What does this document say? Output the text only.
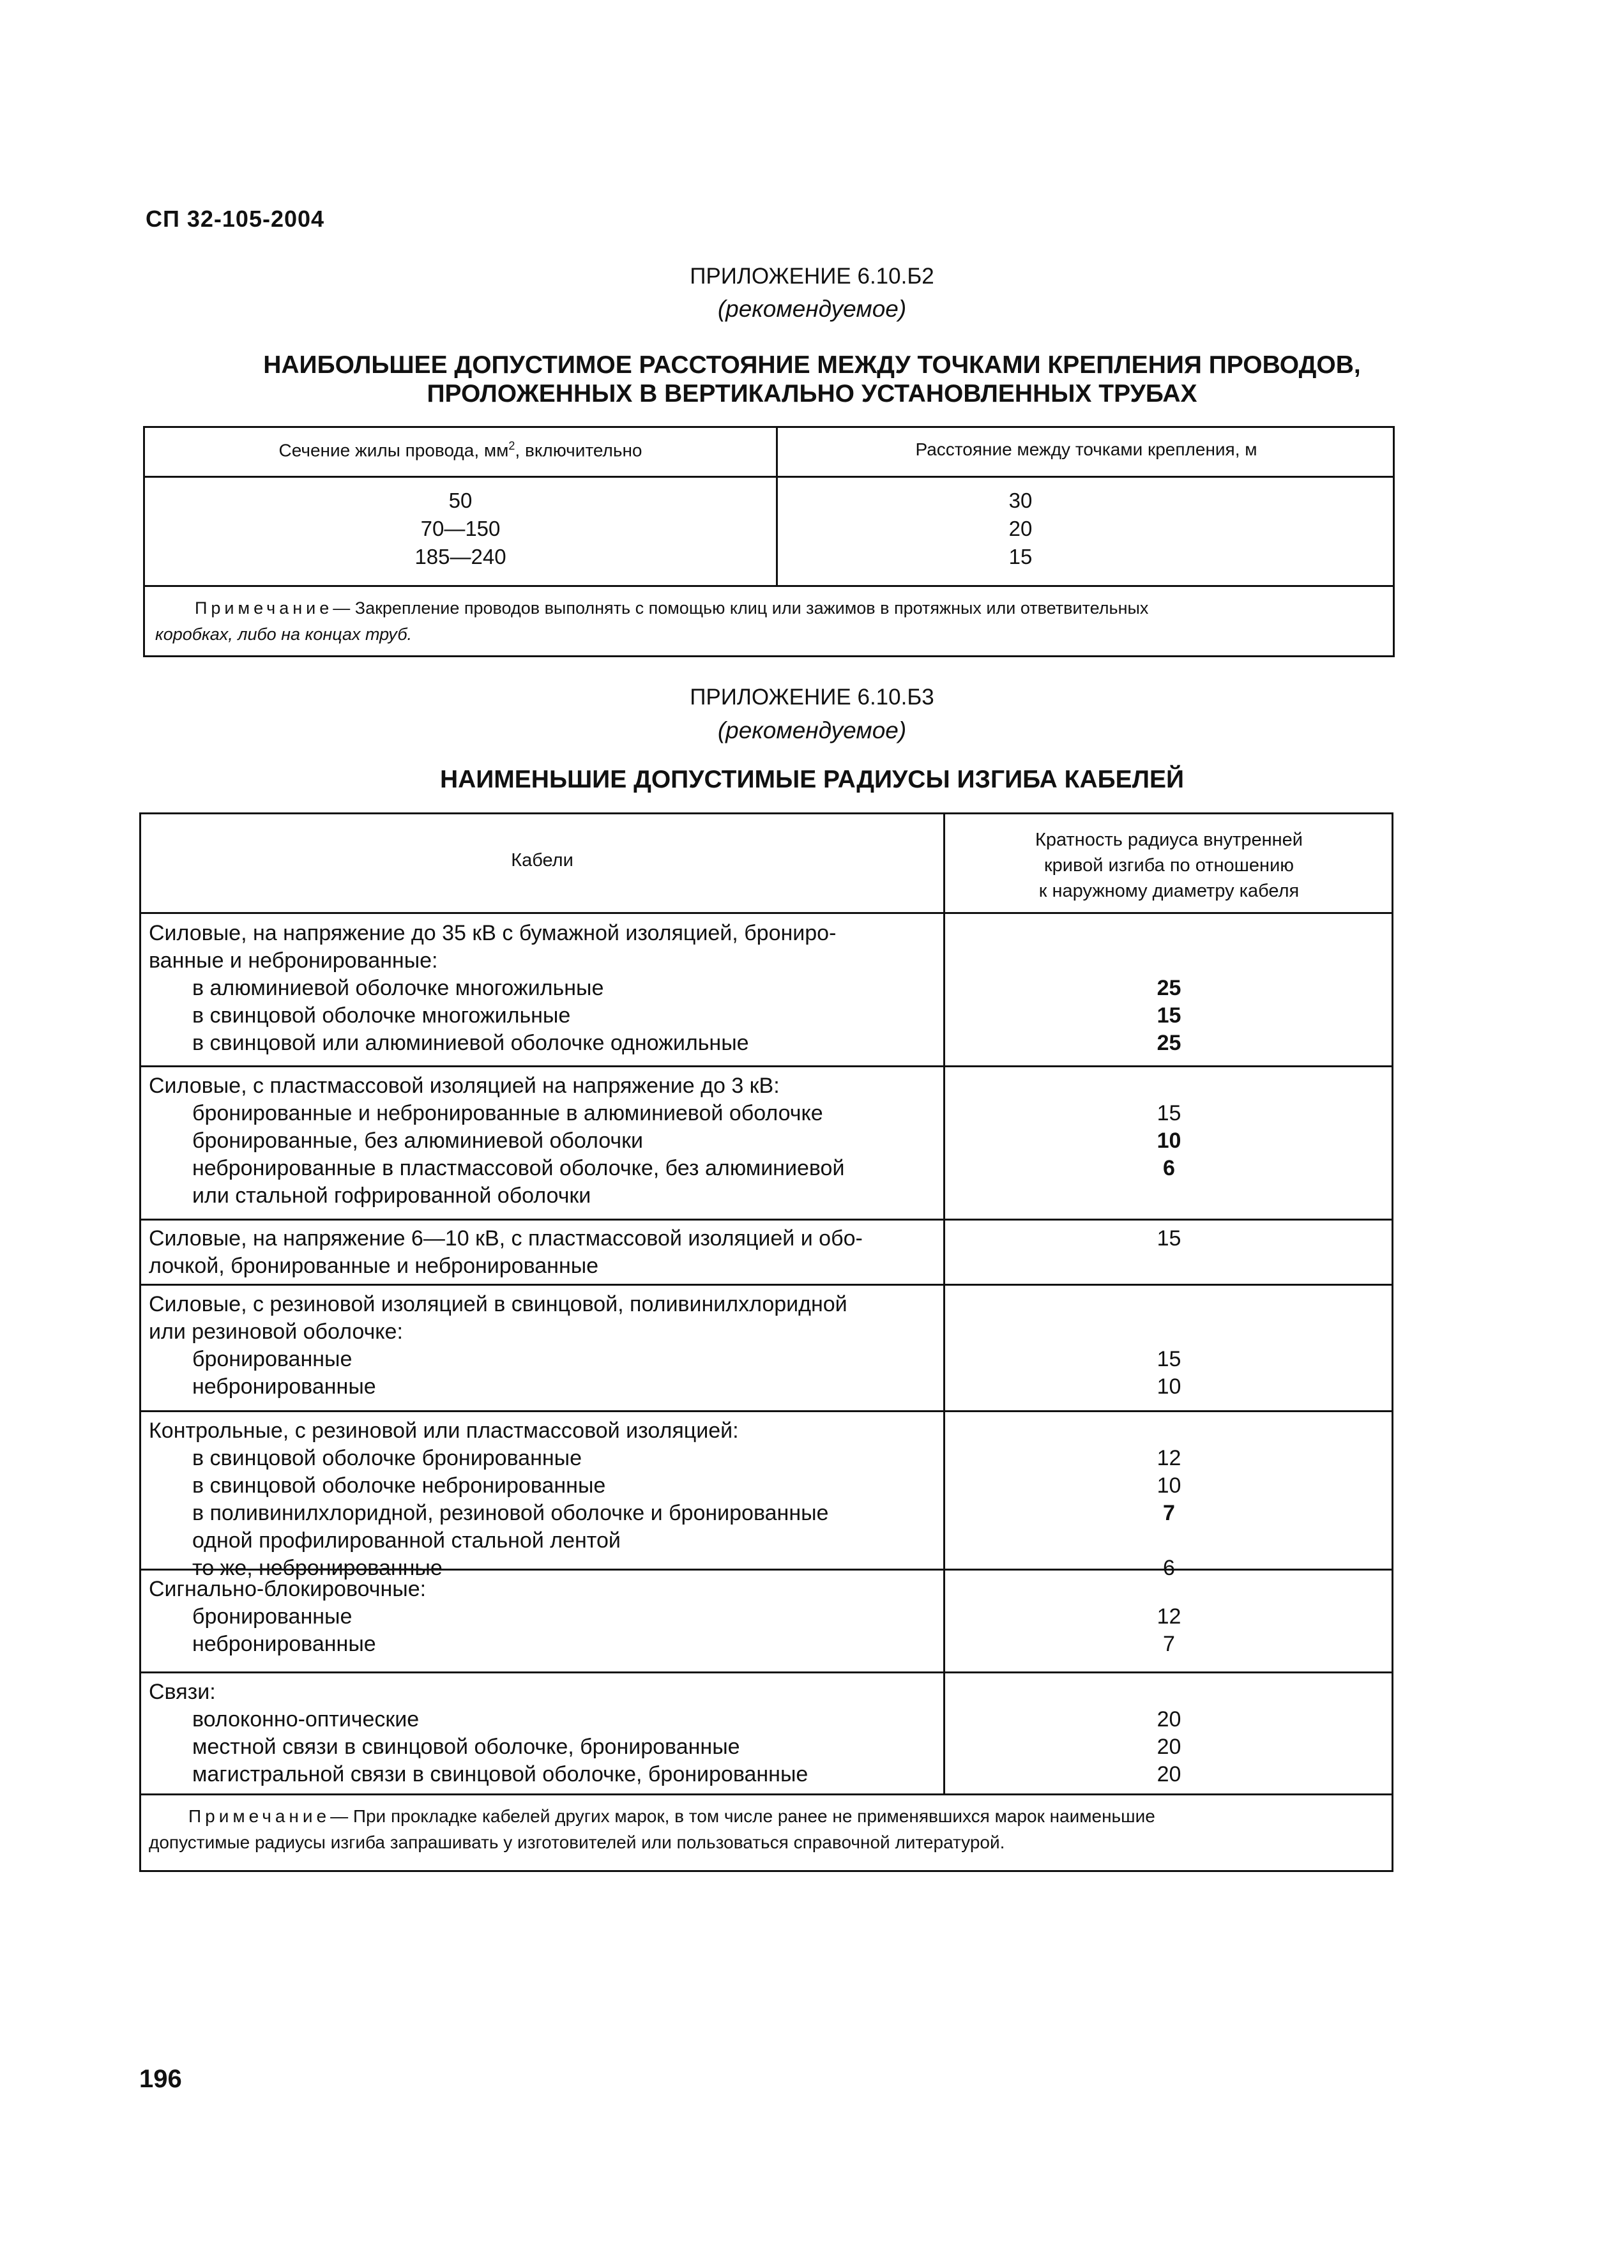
СП 32-105-2004
ПРИЛОЖЕНИЕ 6.10.Б2
(рекомендуемое)
НАИБОЛЬШЕЕ ДОПУСТИМОЕ РАССТОЯНИЕ МЕЖДУ ТОЧКАМИ КРЕПЛЕНИЯ ПРОВОДОВ,
ПРОЛОЖЕННЫХ В ВЕРТИКАЛЬНО УСТАНОВЛЕННЫХ ТРУБАХ
Сечение жилы провода, $мм^2$, включительно	Расстояние между точками крепления, м
50
70—150
185—240
30
20
15
Примечание— Закрепление проводов выполнять с помощью клиц или зажимов в протяжных или ответвительных
коробках, либо на концах труб.
ПРИЛОЖЕНИЕ 6.10.Б3
(рекомендуемое)
НАИМЕНЬШИЕ ДОПУСТИМЫЕ РАДИУСЫ ИЗГИБА КАБЕЛЕЙ
Кабели
Кратность радиуса внутренней
кривой изгиба по отношению
к наружному диаметру кабеля
Силовые, на напряжение до 35 кВ с бумажной изоляцией, брониро-
ванные и небронированные:
в алюминиевой оболочке многожильные
в свинцовой оболочке многожильные
в свинцовой или алюминиевой оболочке одножильные
25
15
25
Силовые, с пластмассовой изоляцией на напряжение до 3 кВ:
бронированные и небронированные в алюминиевой оболочке
бронированные, без алюминиевой оболочки
небронированные в пластмассовой оболочке, без алюминиевой
или стальной гофрированной оболочки
15
10
6
Силовые, на напряжение 6—10 кВ, с пластмассовой изоляцией и обо-
лочкой, бронированные и небронированные
15
Силовые, с резиновой изоляцией в свинцовой, поливинилхлоридной
или резиновой оболочке:
бронированные
небронированные
15
10
Контрольные, с резиновой или пластмассовой изоляцией:
в свинцовой оболочке бронированные
в свинцовой оболочке небронированные
в поливинилхлоридной, резиновой оболочке и бронированные
одной профилированной стальной лентой
то же, небронированные
12
10
7
6
Сигнально-блокировочные:
бронированные
небронированные
12
7
Связи:
волоконно-оптические
местной связи в свинцовой оболочке, бронированные
магистральной связи в свинцовой оболочке, бронированные
20
20
20
Примечание— При прокладке кабелей других марок, в том числе ранее не применявшихся марок наименьшие
допустимые радиусы изгиба запрашивать у изготовителей или пользоваться справочной литературой.
196
